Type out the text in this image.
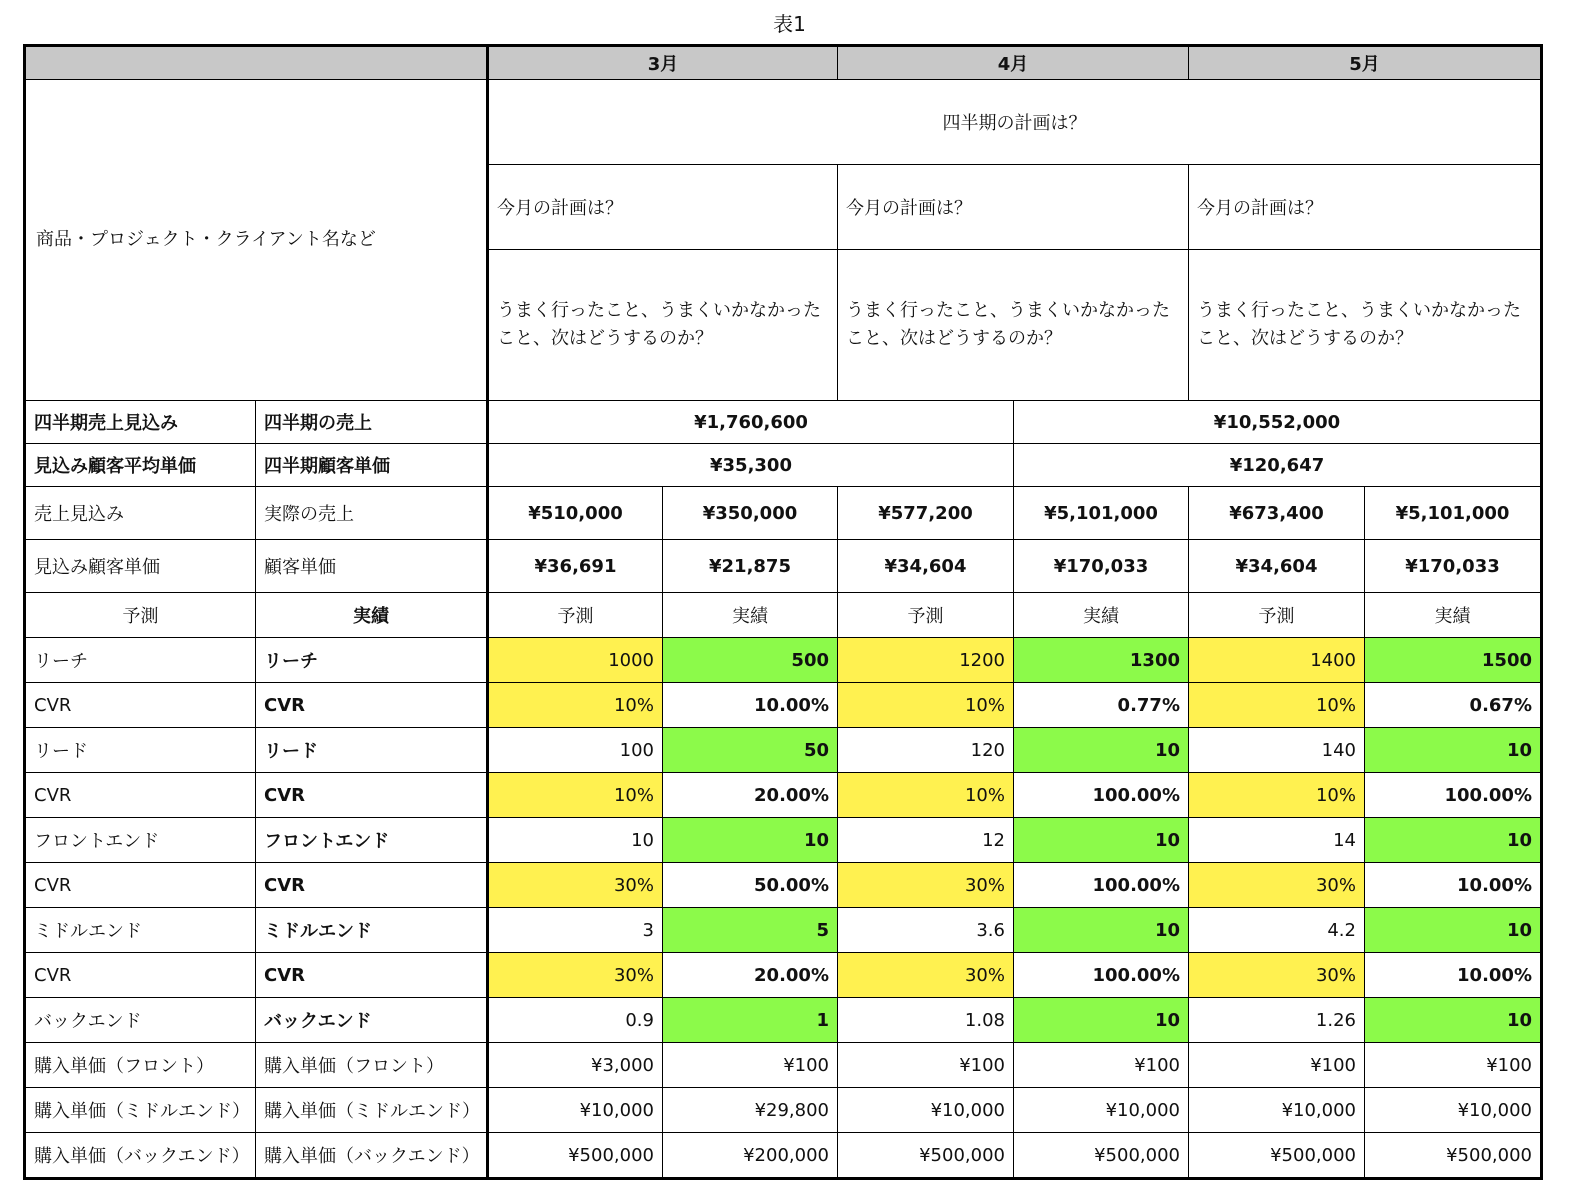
表1
		3月		4月		5月	
商品・プロジェクト・クライアント名など		四半期の計画は？					
		今月の計画は？		今月の計画は？		今月の計画は？	
		うまく行ったこと、うまくいかなかったこと、次はどうするのか？		うまく行ったこと、うまくいかなかったこと、次はどうするのか？		うまく行ったこと、うまくいかなかったこと、次はどうするのか？	
四半期売上見込み	四半期の売上	¥1,760,600			¥10,552,000		
見込み顧客平均単価	四半期顧客単価	¥35,300			¥120,647		
売上見込み	実際の売上	¥510,000	¥350,000	¥577,200	¥5,101,000	¥673,400	¥5,101,000
見込み顧客単価	顧客単価	¥36,691	¥21,875	¥34,604	¥170,033	¥34,604	¥170,033
予測	実績	予測	実績	予測	実績	予測	実績
リーチ	リーチ	1000	500	1200	1300	1400	1500
CVR	CVR	10%	10.00%	10%	0.77%	10%	0.67%
リード	リード	100	50	120	10	140	10
CVR	CVR	10%	20.00%	10%	100.00%	10%	100.00%
フロントエンド	フロントエンド	10	10	12	10	14	10
CVR	CVR	30%	50.00%	30%	100.00%	30%	10.00%
ミドルエンド	ミドルエンド	3	5	3.6	10	4.2	10
CVR	CVR	30%	20.00%	30%	100.00%	30%	10.00%
バックエンド	バックエンド	0.9	1	1.08	10	1.26	10
購入単価（フロント）	購入単価（フロント）	¥3,000	¥100	¥100	¥100	¥100	¥100
購入単価（ミドルエンド）	購入単価（ミドルエンド）	¥10,000	¥29,800	¥10,000	¥10,000	¥10,000	¥10,000
購入単価（バックエンド）	購入単価（バックエンド）	¥500,000	¥200,000	¥500,000	¥500,000	¥500,000	¥500,000
